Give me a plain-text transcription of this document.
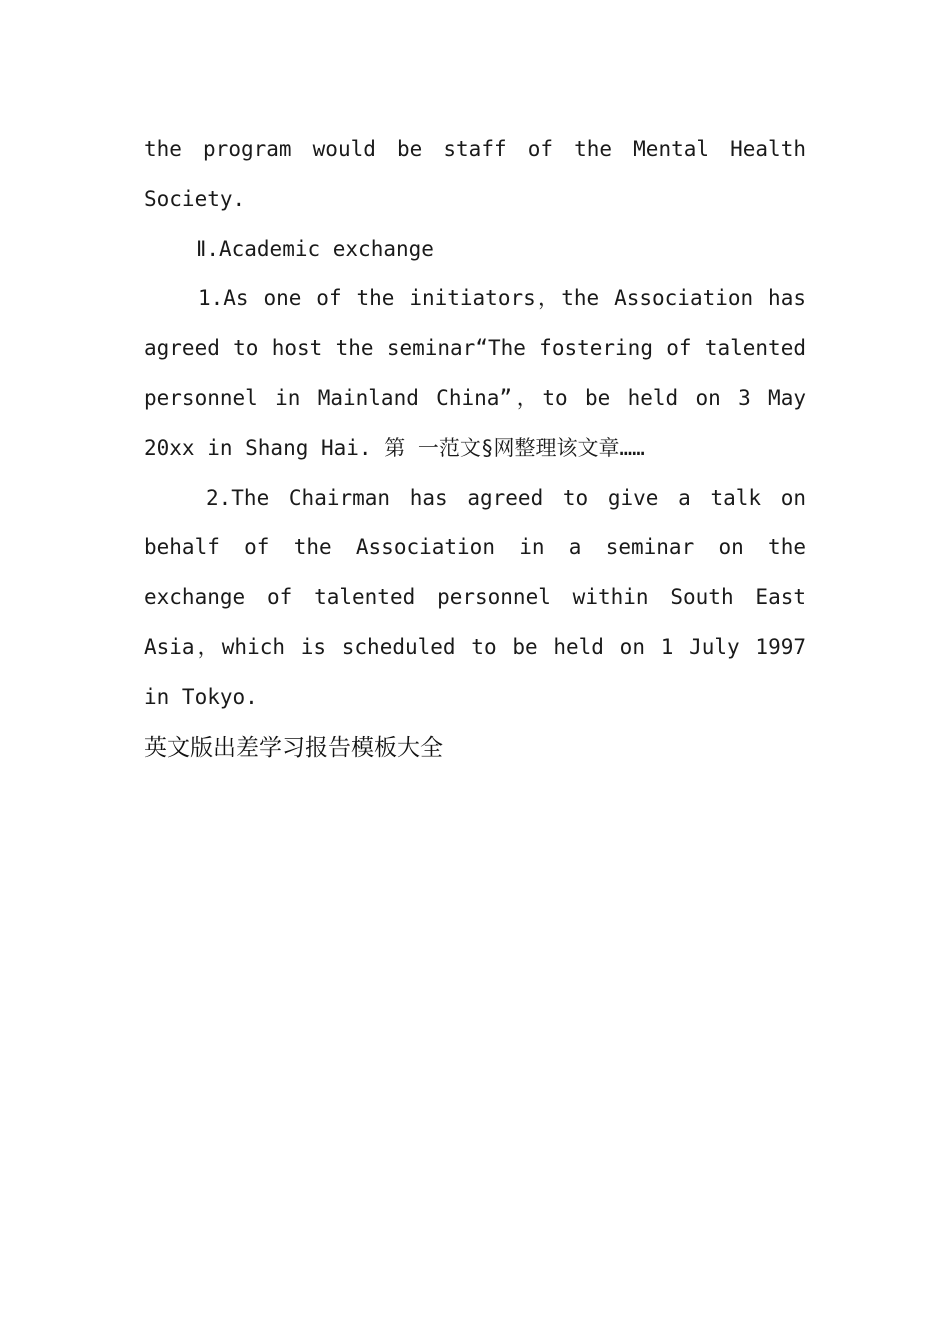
the program would be staff of the Mental Health Society.

Ⅱ.Academic exchange

1.As one of the initiators，the Association has agreed to host the seminar“The fostering of talented personnel in Mainland China”，to be held on 3 May 20xx in Shang Hai. 第 一范文§网整理该文章……

2.The Chairman has agreed to give a talk on behalf of the Association in a seminar on the exchange of talented personnel within South East Asia，which is scheduled to be held on 1 July 1997 in Tokyo.

英文版出差学习报告模板大全
